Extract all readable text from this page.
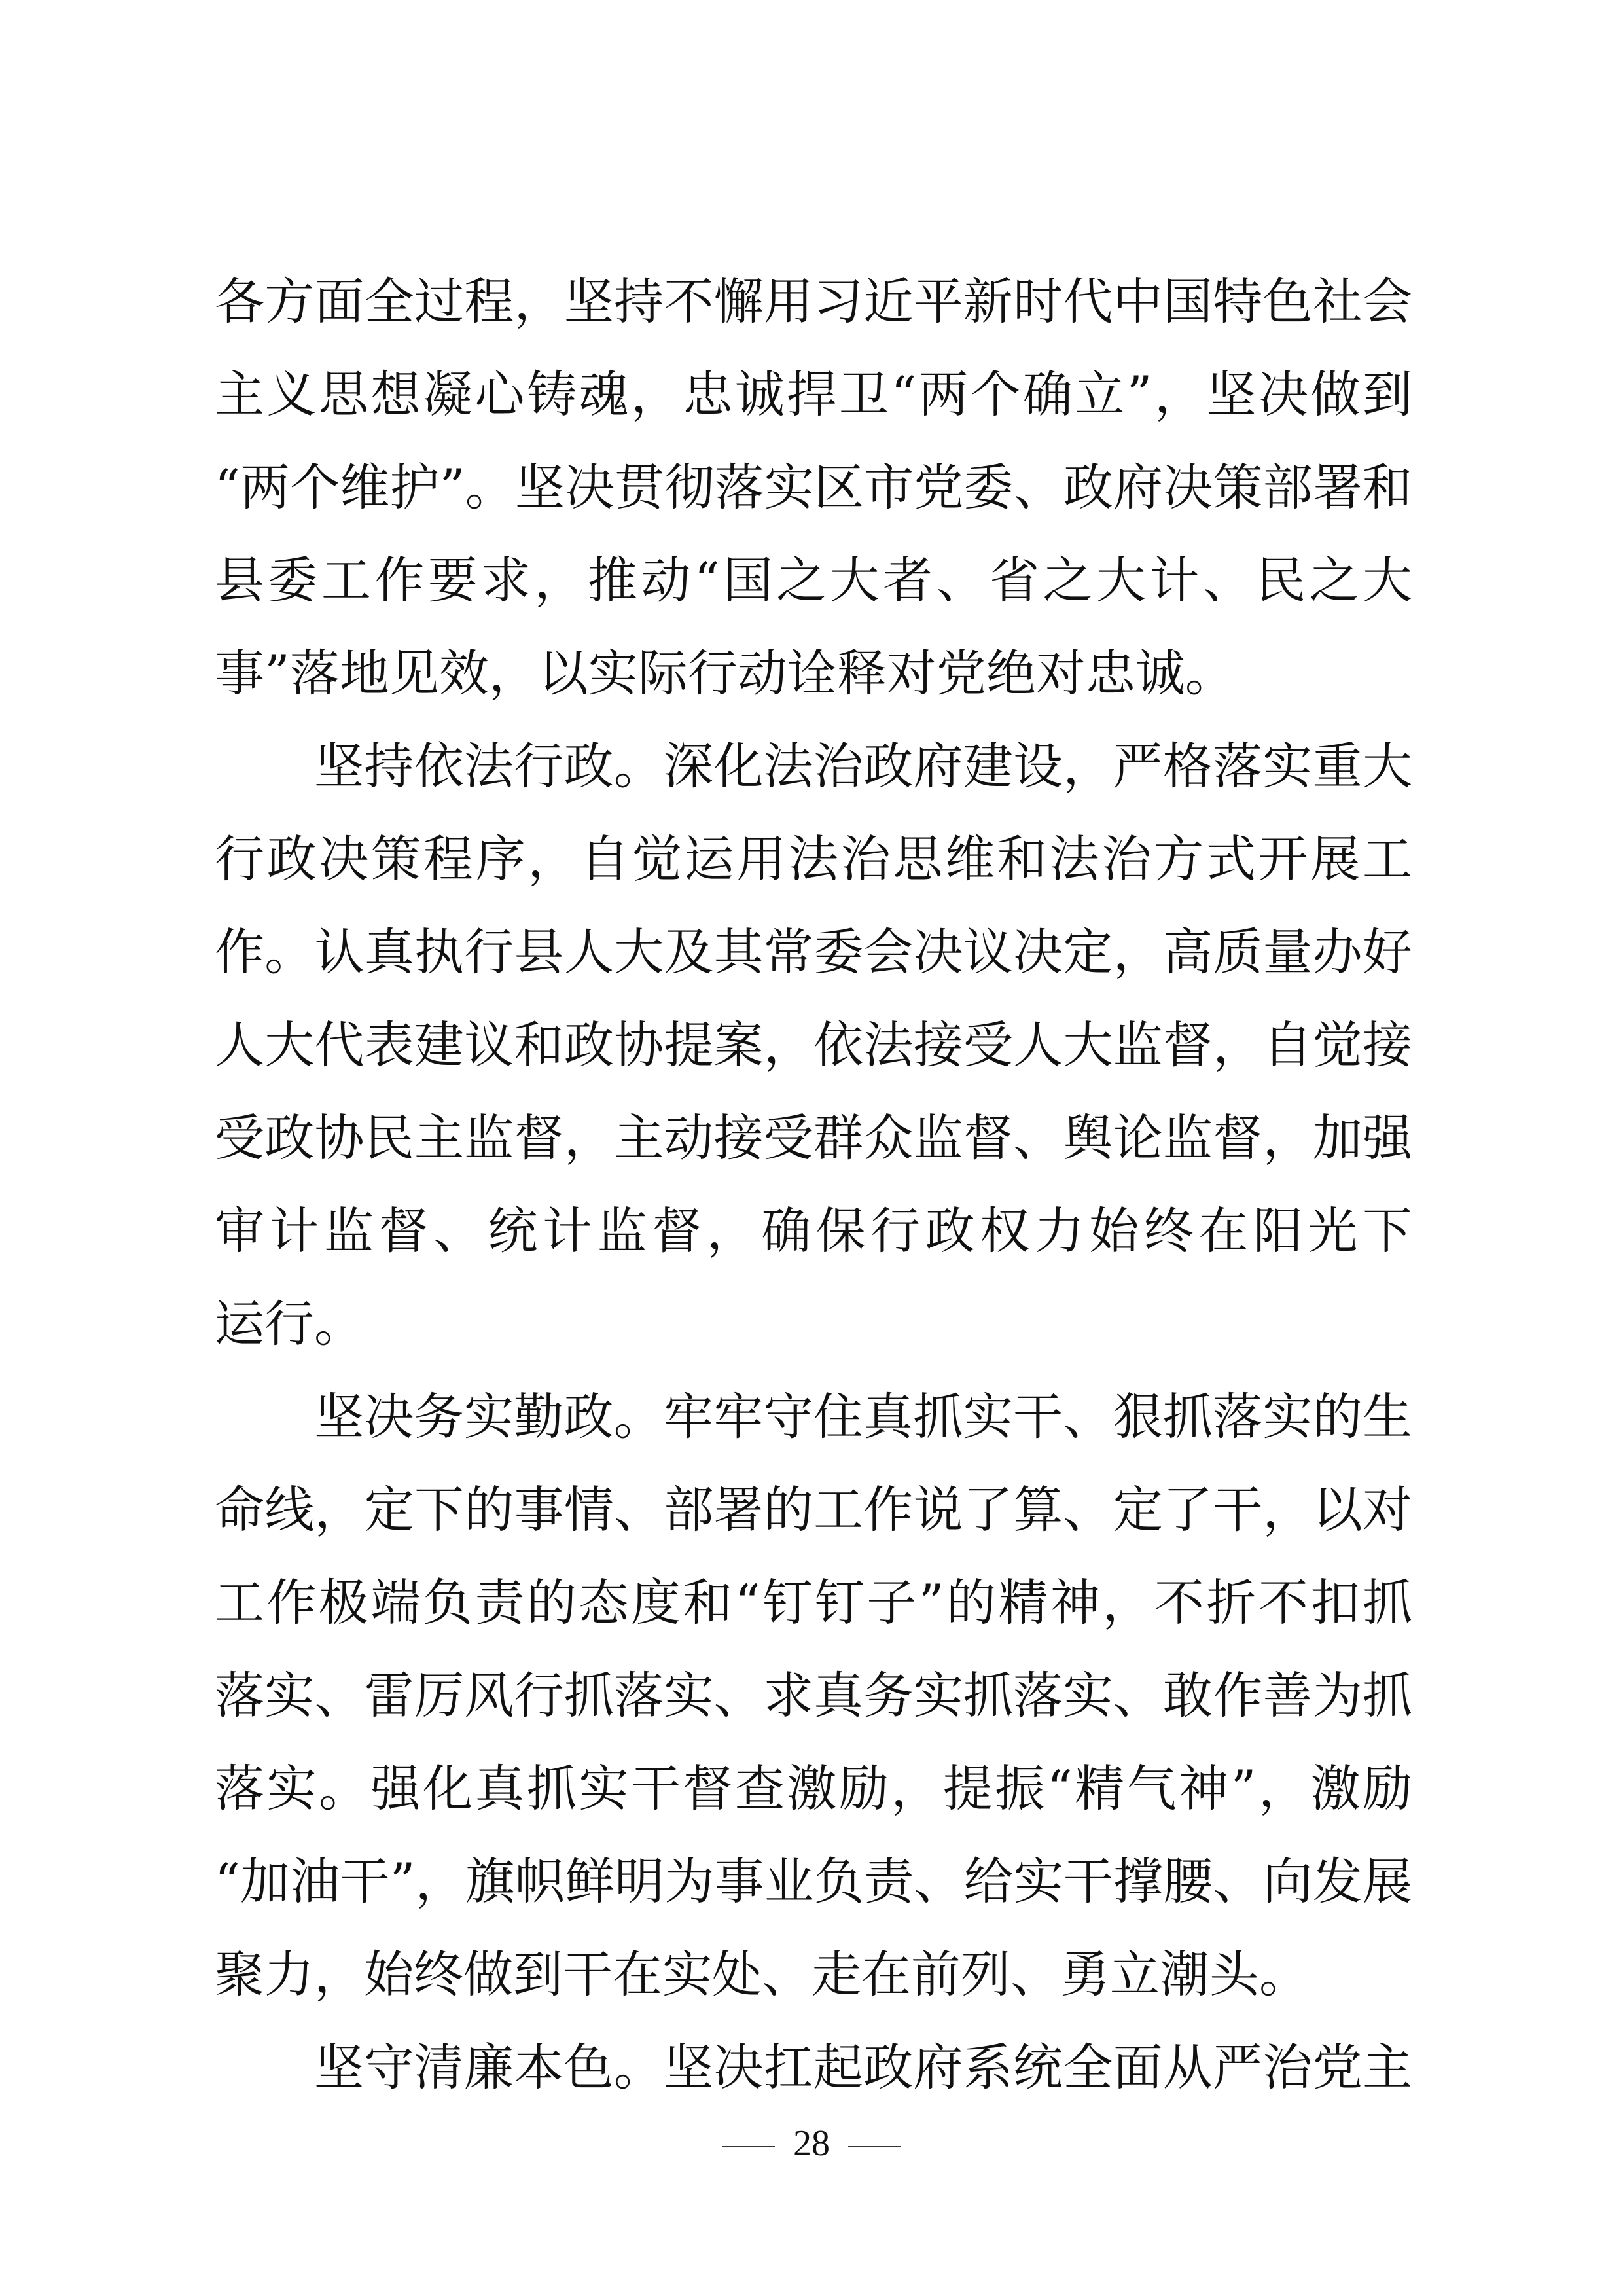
各方面全过程，坚持不懈用习近平新时代中国特色社会
主义思想凝心铸魂，忠诚捍卫“两个确立”，坚决做到
“两个维护”。坚决贯彻落实区市党委、政府决策部署和
县委工作要求，推动“国之大者、省之大计、民之大
事”落地见效，以实际行动诠释对党绝对忠诚。
坚持依法行政。深化法治政府建设，严格落实重大
行政决策程序，自觉运用法治思维和法治方式开展工
作。认真执行县人大及其常委会决议决定，高质量办好
人大代表建议和政协提案，依法接受人大监督，自觉接
受政协民主监督，主动接受群众监督、舆论监督，加强
审计监督、统计监督，确保行政权力始终在阳光下
运行。
坚决务实勤政。牢牢守住真抓实干、狠抓落实的生
命线，定下的事情、部署的工作说了算、定了干，以对
工作极端负责的态度和“钉钉子”的精神，不折不扣抓
落实、雷厉风行抓落实、求真务实抓落实、敢作善为抓
落实。强化真抓实干督查激励，提振“精气神”，激励
“加油干”，旗帜鲜明为事业负责、给实干撑腰、向发展
聚力，始终做到干在实处、走在前列、勇立潮头。
坚守清廉本色。坚决扛起政府系统全面从严治党主
28
